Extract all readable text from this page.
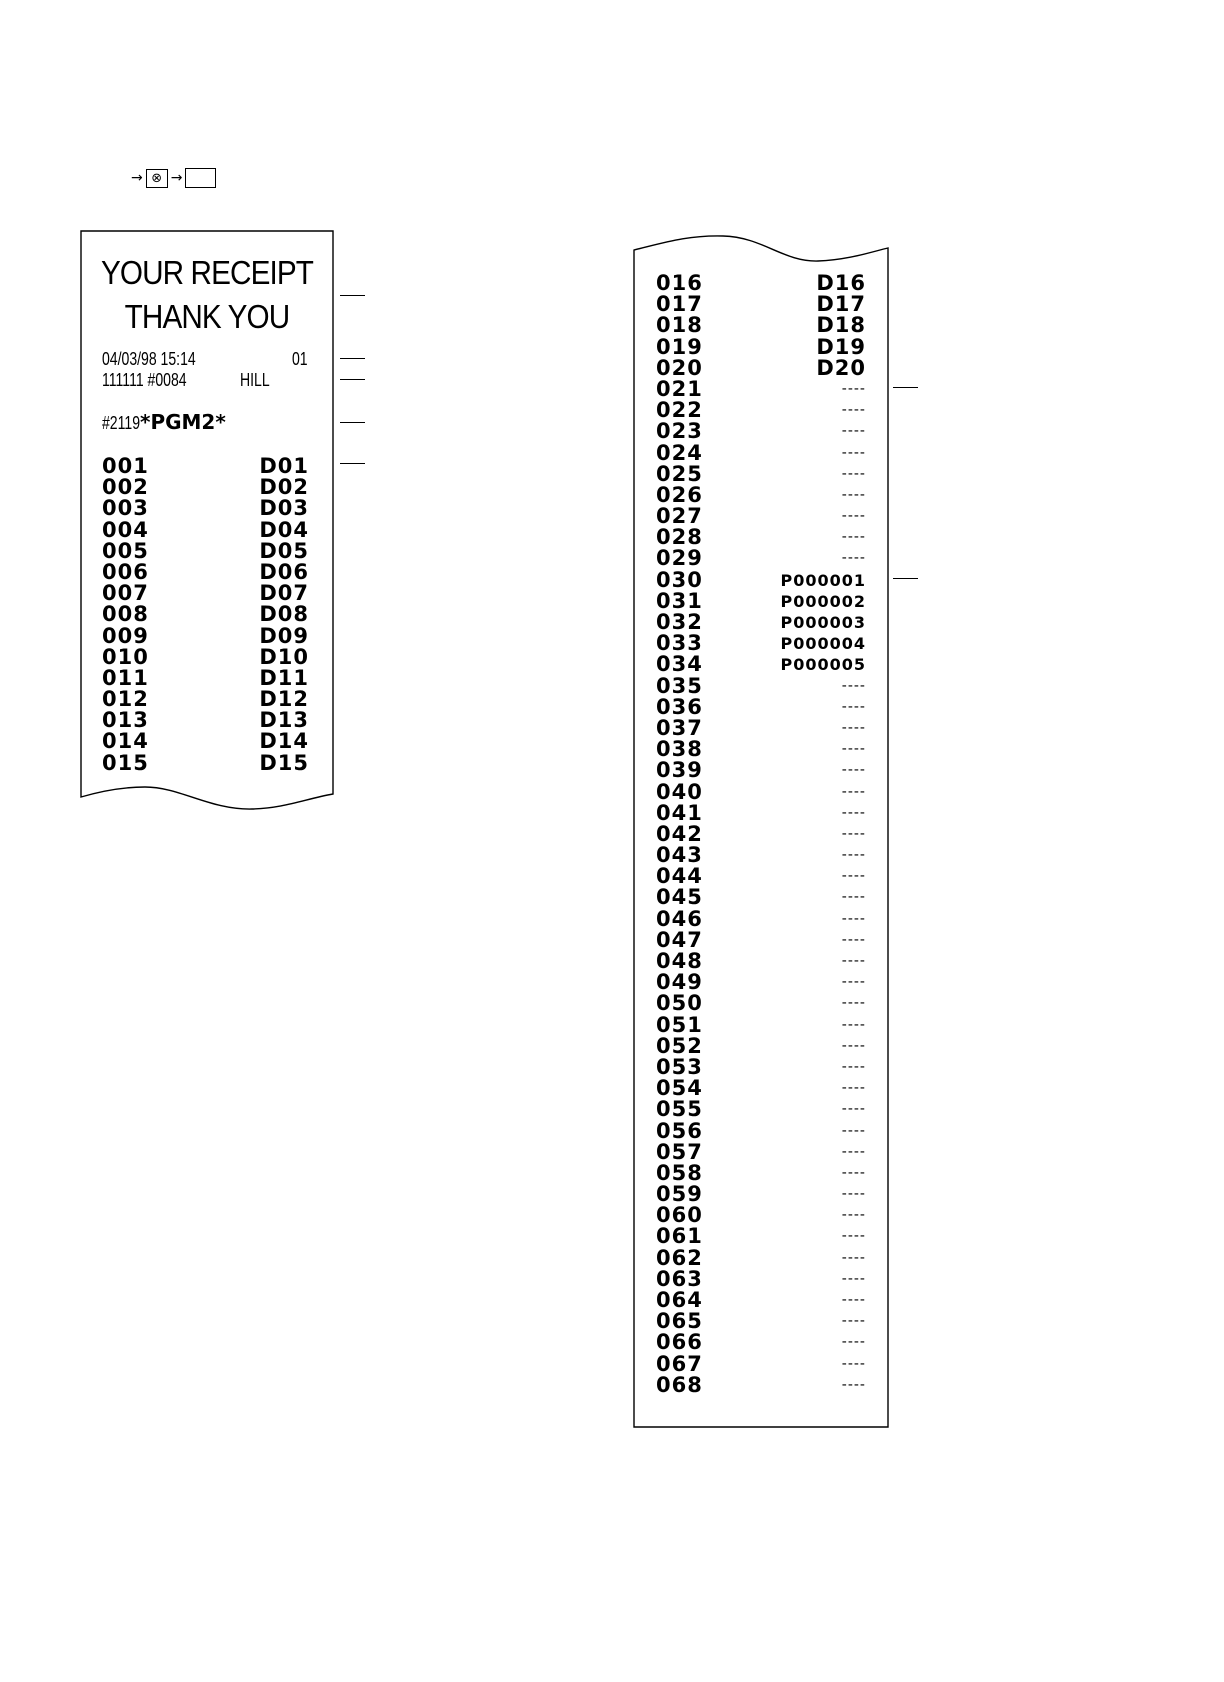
→ ⊗ →
YOUR RECEIPT
THANK YOU
04/03/98 15:14	01
111111 #0084	HILL
#2119 *PGM2*
001	D01
002	D02
003	D03
004	D04
005	D05
006	D06
007	D07
008	D08
009	D09
010	D10
011	D11
012	D12
013	D13
014	D14
015	D15
016	D16
017	D17
018	D18
019	D19
020	D20
021	----
022	----
023	----
024	----
025	----
026	----
027	----
028	----
029	----
030	P000001
031	P000002
032	P000003
033	P000004
034	P000005
035	----
036	----
037	----
038	----
039	----
040	----
041	----
042	----
043	----
044	----
045	----
046	----
047	----
048	----
049	----
050	----
051	----
052	----
053	----
054	----
055	----
056	----
057	----
058	----
059	----
060	----
061	----
062	----
063	----
064	----
065	----
066	----
067	----
068	----
